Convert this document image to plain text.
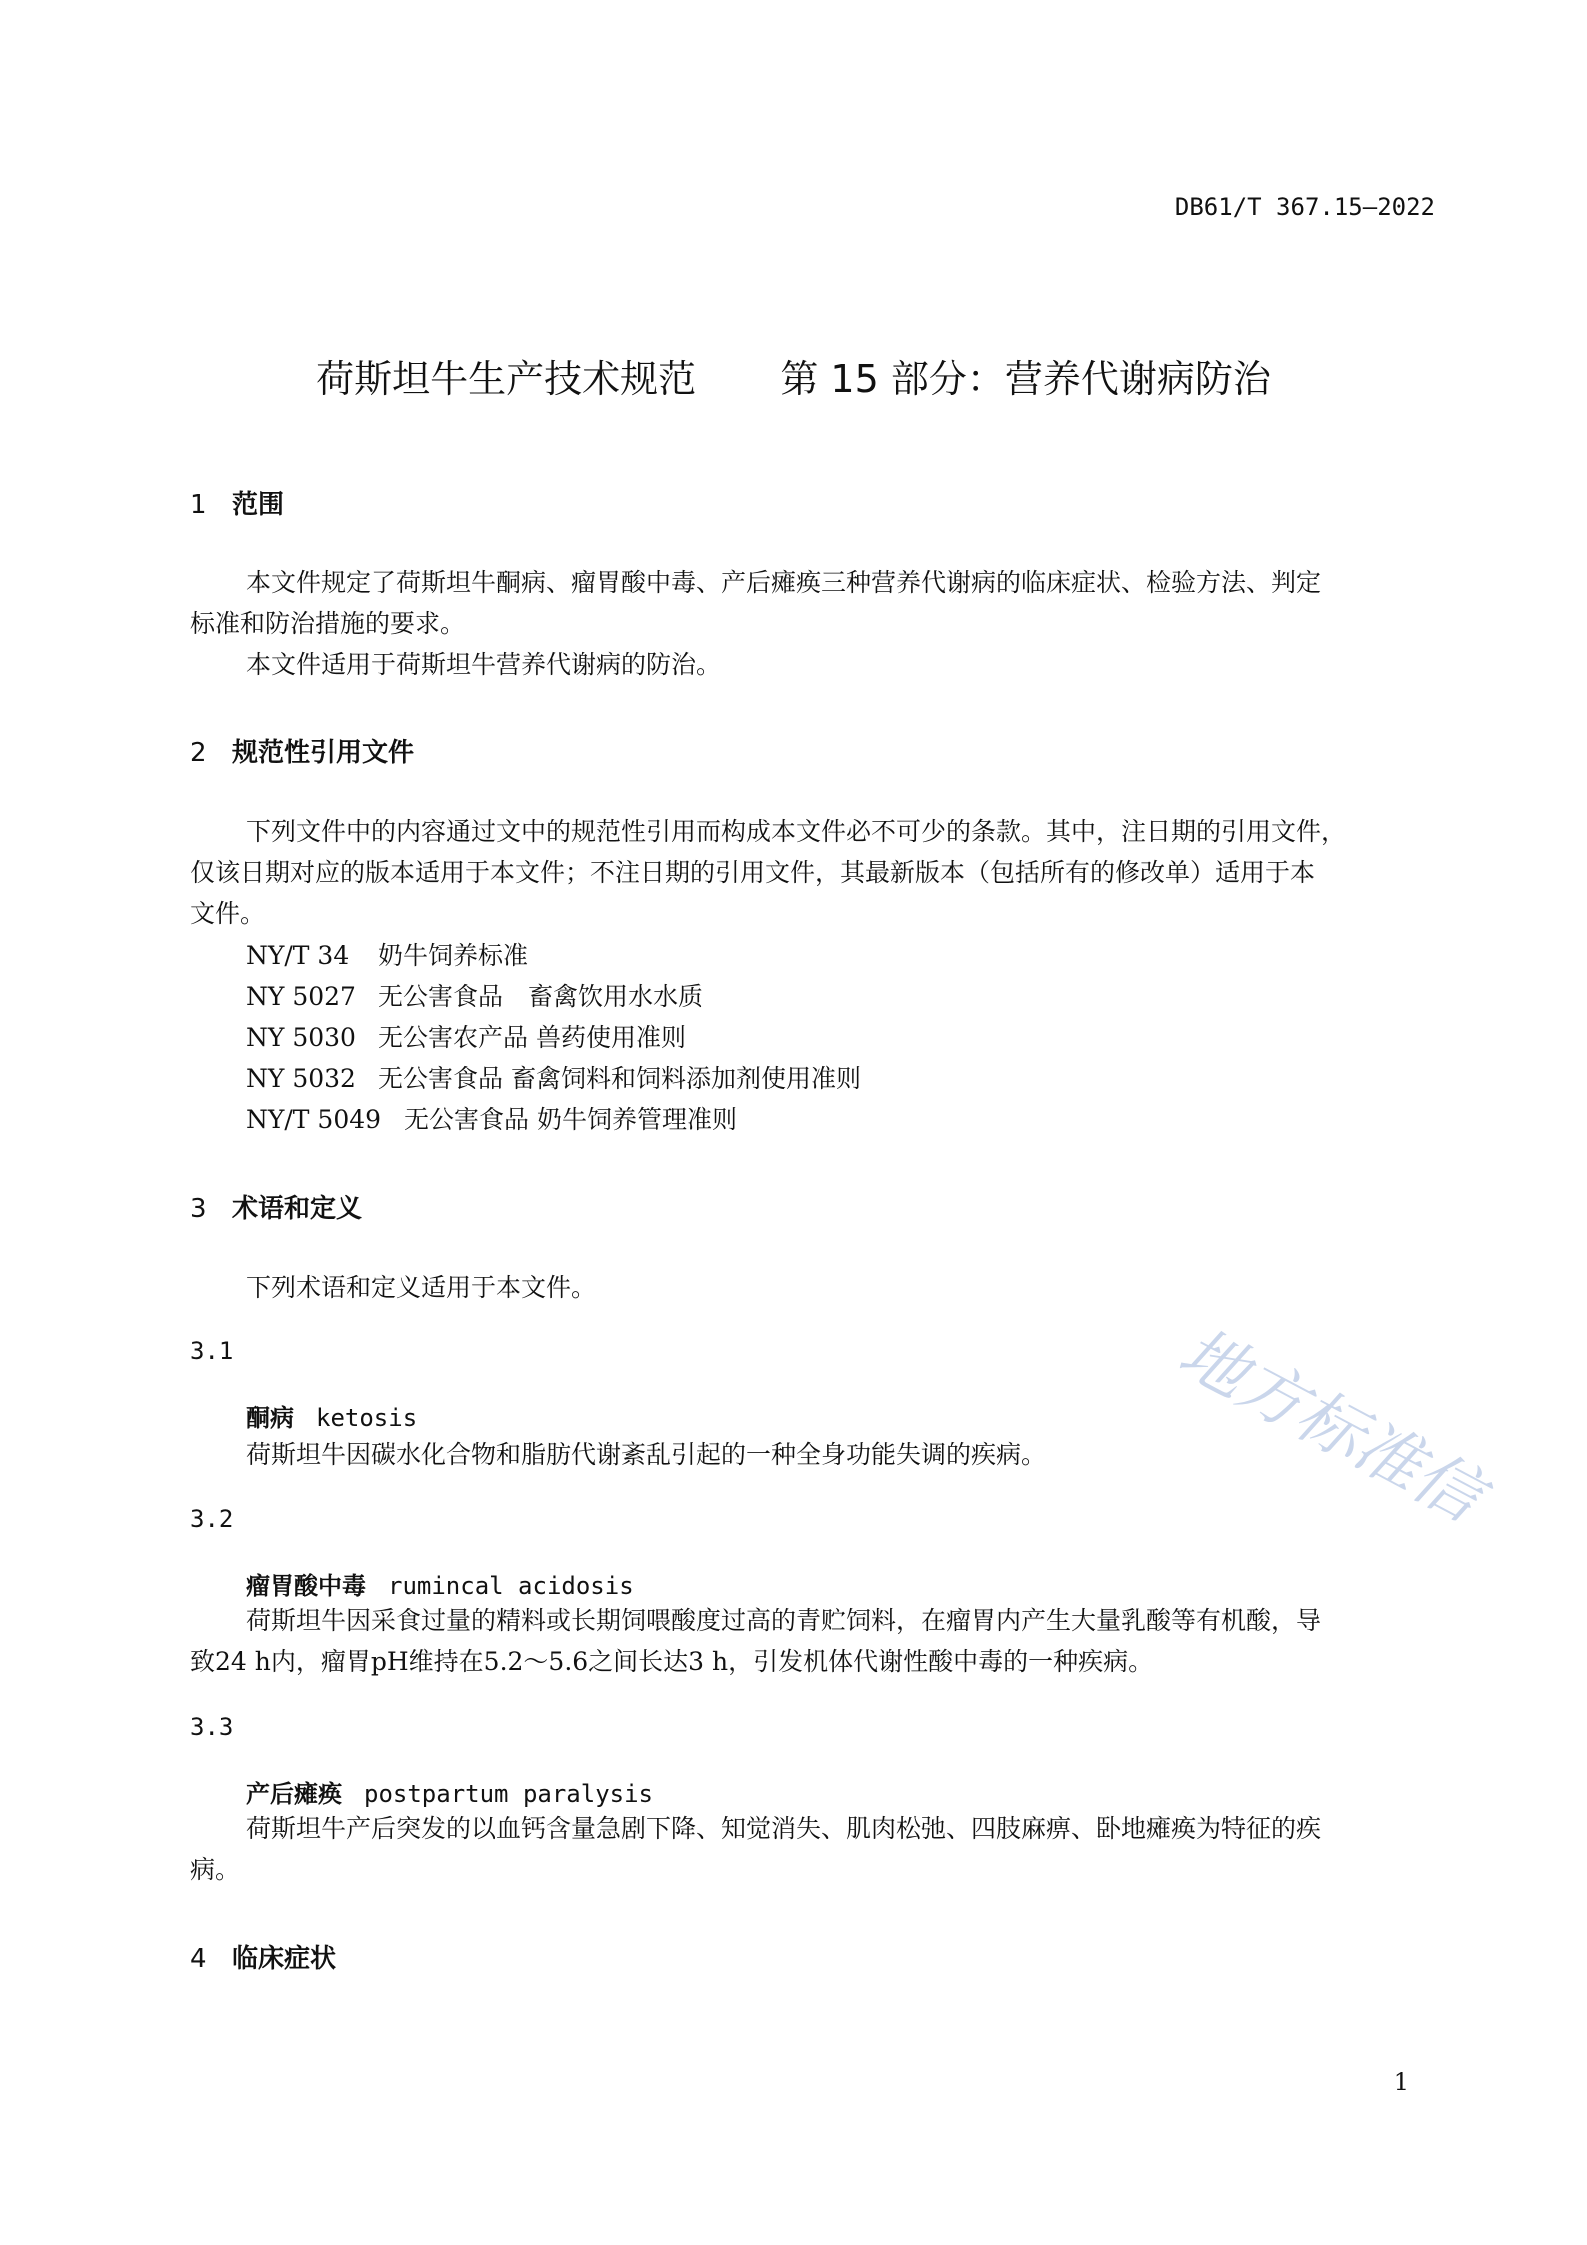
DB61/T 367.15—2022
荷斯坦牛生产技术规范 第 15 部分：营养代谢病防治
1 范围
本文件规定了荷斯坦牛酮病、瘤胃酸中毒、产后瘫痪三种营养代谢病的临床症状、检验方法、判定
标准和防治措施的要求。
本文件适用于荷斯坦牛营养代谢病的防治。
2 规范性引用文件
下列文件中的内容通过文中的规范性引用而构成本文件必不可少的条款。其中，注日期的引用文件，
仅该日期对应的版本适用于本文件；不注日期的引用文件，其最新版本（包括所有的修改单）适用于本
文件。
NY/T 34 奶牛饲养标准
NY 5027 无公害食品　畜禽饮用水水质
NY 5030 无公害农产品 兽药使用准则
NY 5032 无公害食品 畜禽饲料和饲料添加剂使用准则
NY/T 5049 无公害食品 奶牛饲养管理准则
3 术语和定义
下列术语和定义适用于本文件。
3.1
酮病 ketosis
荷斯坦牛因碳水化合物和脂肪代谢紊乱引起的一种全身功能失调的疾病。
3.2
瘤胃酸中毒 rumincal acidosis
荷斯坦牛因采食过量的精料或长期饲喂酸度过高的青贮饲料，在瘤胃内产生大量乳酸等有机酸，导
致24 h内，瘤胃pH维持在5.2～5.6之间长达3 h，引发机体代谢性酸中毒的一种疾病。
3.3
产后瘫痪 postpartum paralysis
荷斯坦牛产后突发的以血钙含量急剧下降、知觉消失、肌肉松弛、四肢麻痹、卧地瘫痪为特征的疾
病。
4 临床症状
1
地方标准信
